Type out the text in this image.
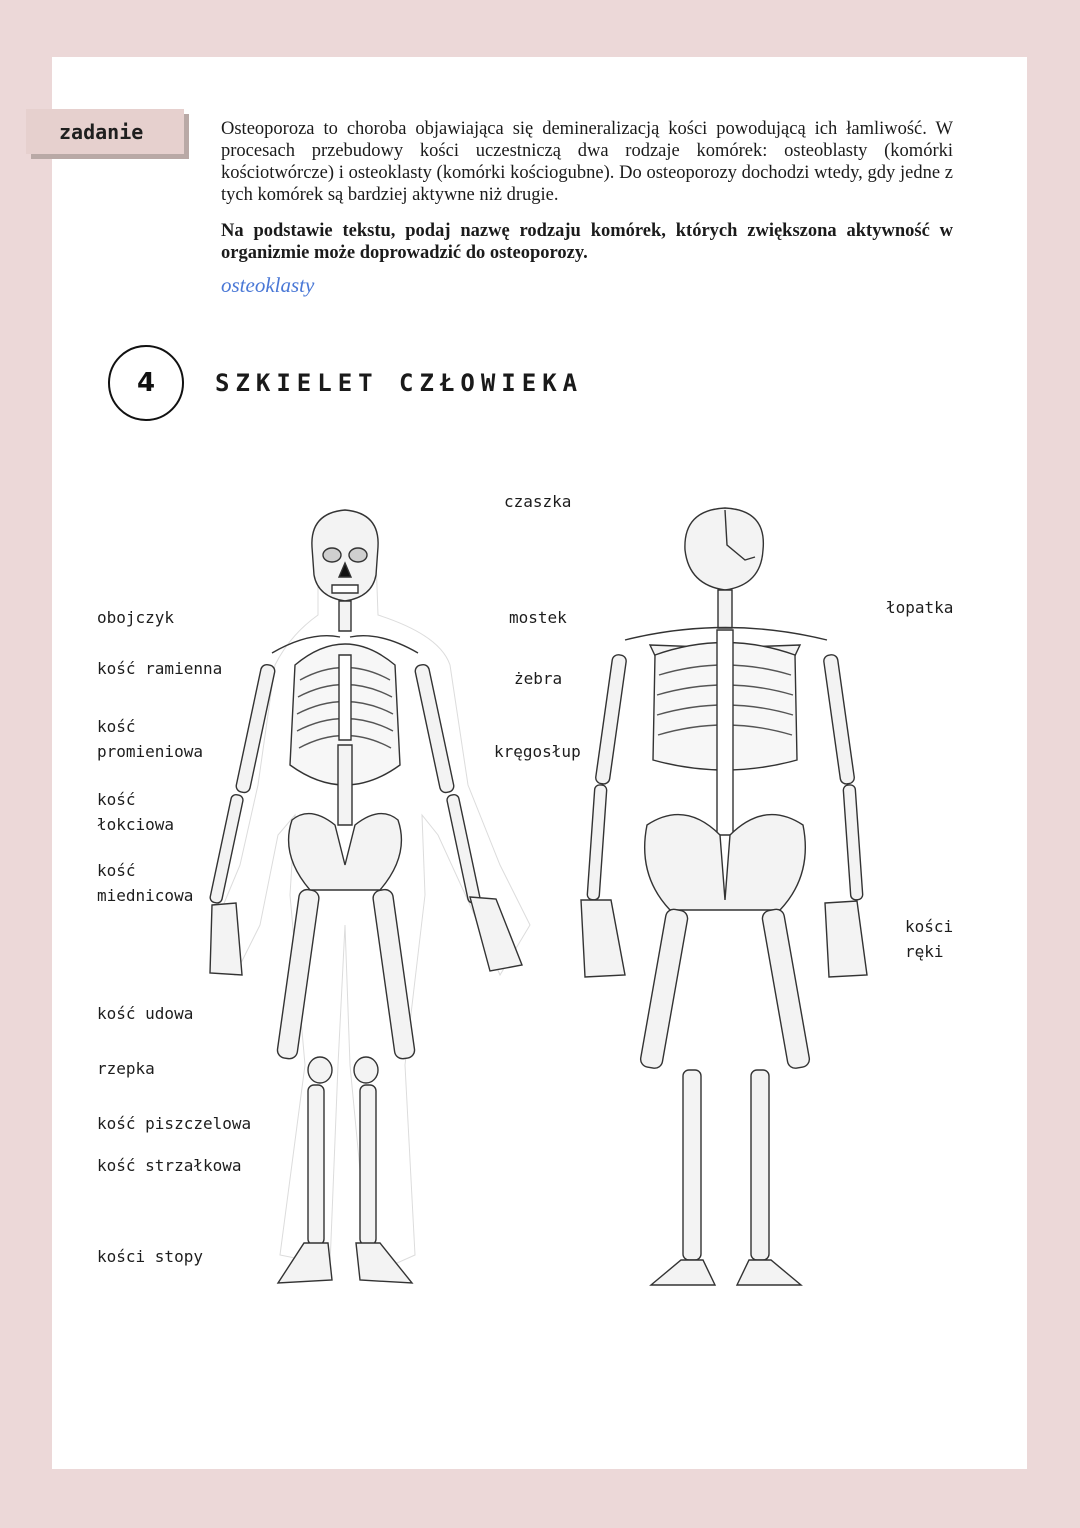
zadanie	Osteoporoza to choroba objawiająca się demineralizacją kości powodującą ich łamliwość. W procesach przebudowy kości uczestniczą dwa rodzaje komórek: osteoblasty (komórki kościotwórcze) i osteoklasty (komórki kościogubne). Do osteoporozy dochodzi wtedy, gdy jedne z tych komórek są bardziej aktywne niż drugie.

Na podstawie tekstu, podaj nazwę rodzaju komórek, których zwiększona aktywność w organizmie może doprowadzić do osteoporozy.

osteoklasty
4	SZKIELET CZŁOWIEKA
obojczyk
kość ramienna
kość
promieniowa
kość
łokciowa
kość
miednicowa
kość udowa
rzepka
kość piszczelowa
kość strzałkowa
kości stopy
czaszka
mostek
żebra
kręgosłup
łopatka
kości
ręki
